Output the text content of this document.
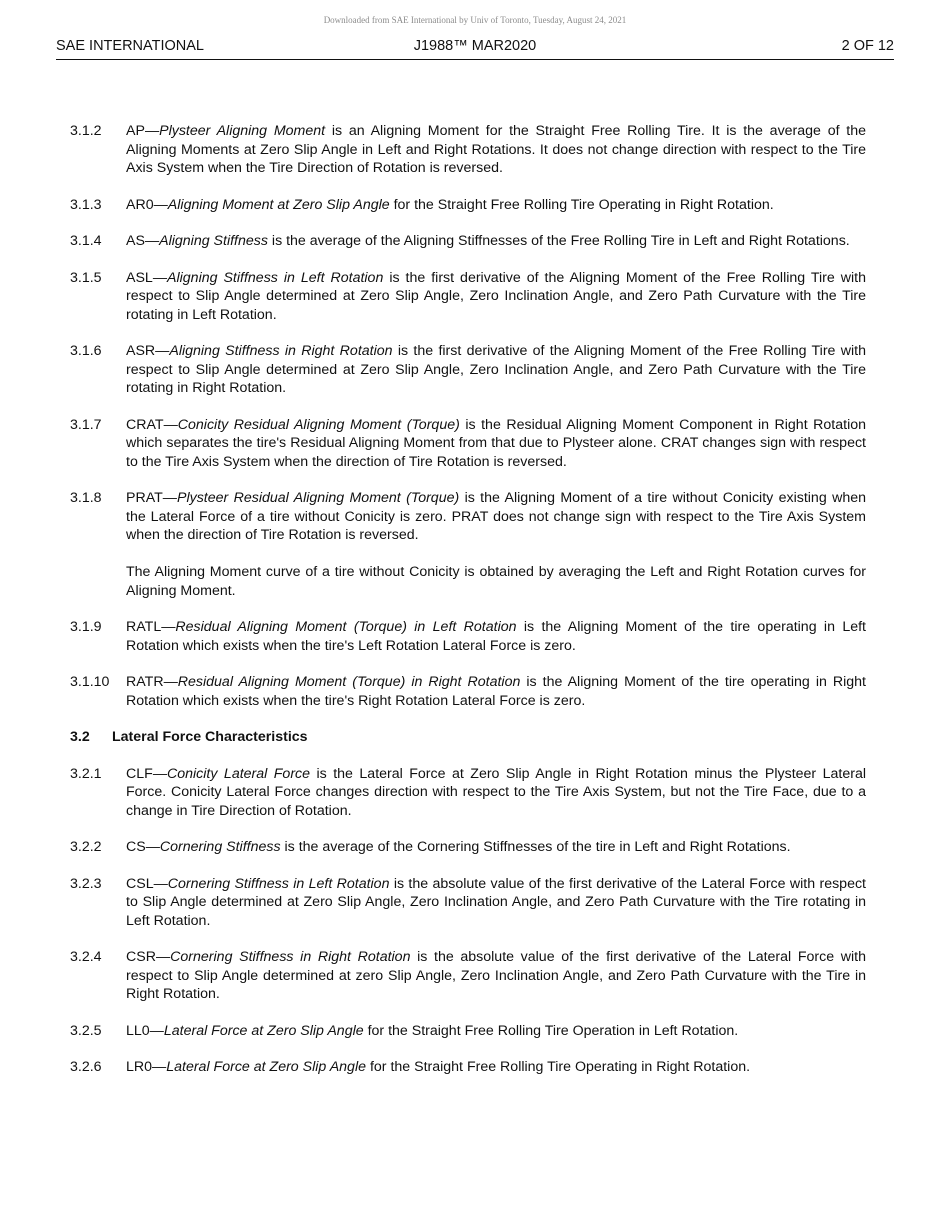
Downloaded from SAE International by Univ of Toronto, Tuesday, August 24, 2021
SAE INTERNATIONAL	J1988™ MAR2020	2 OF 12
3.1.2	AP—Plysteer Aligning Moment is an Aligning Moment for the Straight Free Rolling Tire. It is the average of the Aligning Moments at Zero Slip Angle in Left and Right Rotations. It does not change direction with respect to the Tire Axis System when the Tire Direction of Rotation is reversed.

3.1.3	AR0—Aligning Moment at Zero Slip Angle for the Straight Free Rolling Tire Operating in Right Rotation.

3.1.4	AS—Aligning Stiffness is the average of the Aligning Stiffnesses of the Free Rolling Tire in Left and Right Rotations.

3.1.5	ASL—Aligning Stiffness in Left Rotation is the first derivative of the Aligning Moment of the Free Rolling Tire with respect to Slip Angle determined at Zero Slip Angle, Zero Inclination Angle, and Zero Path Curvature with the Tire rotating in Left Rotation.

3.1.6	ASR—Aligning Stiffness in Right Rotation is the first derivative of the Aligning Moment of the Free Rolling Tire with respect to Slip Angle determined at Zero Slip Angle, Zero Inclination Angle, and Zero Path Curvature with the Tire rotating in Right Rotation.

3.1.7	CRAT—Conicity Residual Aligning Moment (Torque) is the Residual Aligning Moment Component in Right Rotation which separates the tire's Residual Aligning Moment from that due to Plysteer alone. CRAT changes sign with respect to the Tire Axis System when the direction of Tire Rotation is reversed.

3.1.8	PRAT—Plysteer Residual Aligning Moment (Torque) is the Aligning Moment of a tire without Conicity existing when the Lateral Force of a tire without Conicity is zero. PRAT does not change sign with respect to the Tire Axis System when the direction of Tire Rotation is reversed.

The Aligning Moment curve of a tire without Conicity is obtained by averaging the Left and Right Rotation curves for Aligning Moment.

3.1.9	RATL—Residual Aligning Moment (Torque) in Left Rotation is the Aligning Moment of the tire operating in Left Rotation which exists when the tire's Left Rotation Lateral Force is zero.

3.1.10	RATR—Residual Aligning Moment (Torque) in Right Rotation is the Aligning Moment of the tire operating in Right Rotation which exists when the tire's Right Rotation Lateral Force is zero.

3.2	Lateral Force Characteristics
3.2.1	CLF—Conicity Lateral Force is the Lateral Force at Zero Slip Angle in Right Rotation minus the Plysteer Lateral Force. Conicity Lateral Force changes direction with respect to the Tire Axis System, but not the Tire Face, due to a change in Tire Direction of Rotation.

3.2.2	CS—Cornering Stiffness is the average of the Cornering Stiffnesses of the tire in Left and Right Rotations.

3.2.3	CSL—Cornering Stiffness in Left Rotation is the absolute value of the first derivative of the Lateral Force with respect to Slip Angle determined at Zero Slip Angle, Zero Inclination Angle, and Zero Path Curvature with the Tire rotating in Left Rotation.

3.2.4	CSR—Cornering Stiffness in Right Rotation is the absolute value of the first derivative of the Lateral Force with respect to Slip Angle determined at zero Slip Angle, Zero Inclination Angle, and Zero Path Curvature with the Tire in Right Rotation.

3.2.5	LL0—Lateral Force at Zero Slip Angle for the Straight Free Rolling Tire Operation in Left Rotation.

3.2.6	LR0—Lateral Force at Zero Slip Angle for the Straight Free Rolling Tire Operating in Right Rotation.
